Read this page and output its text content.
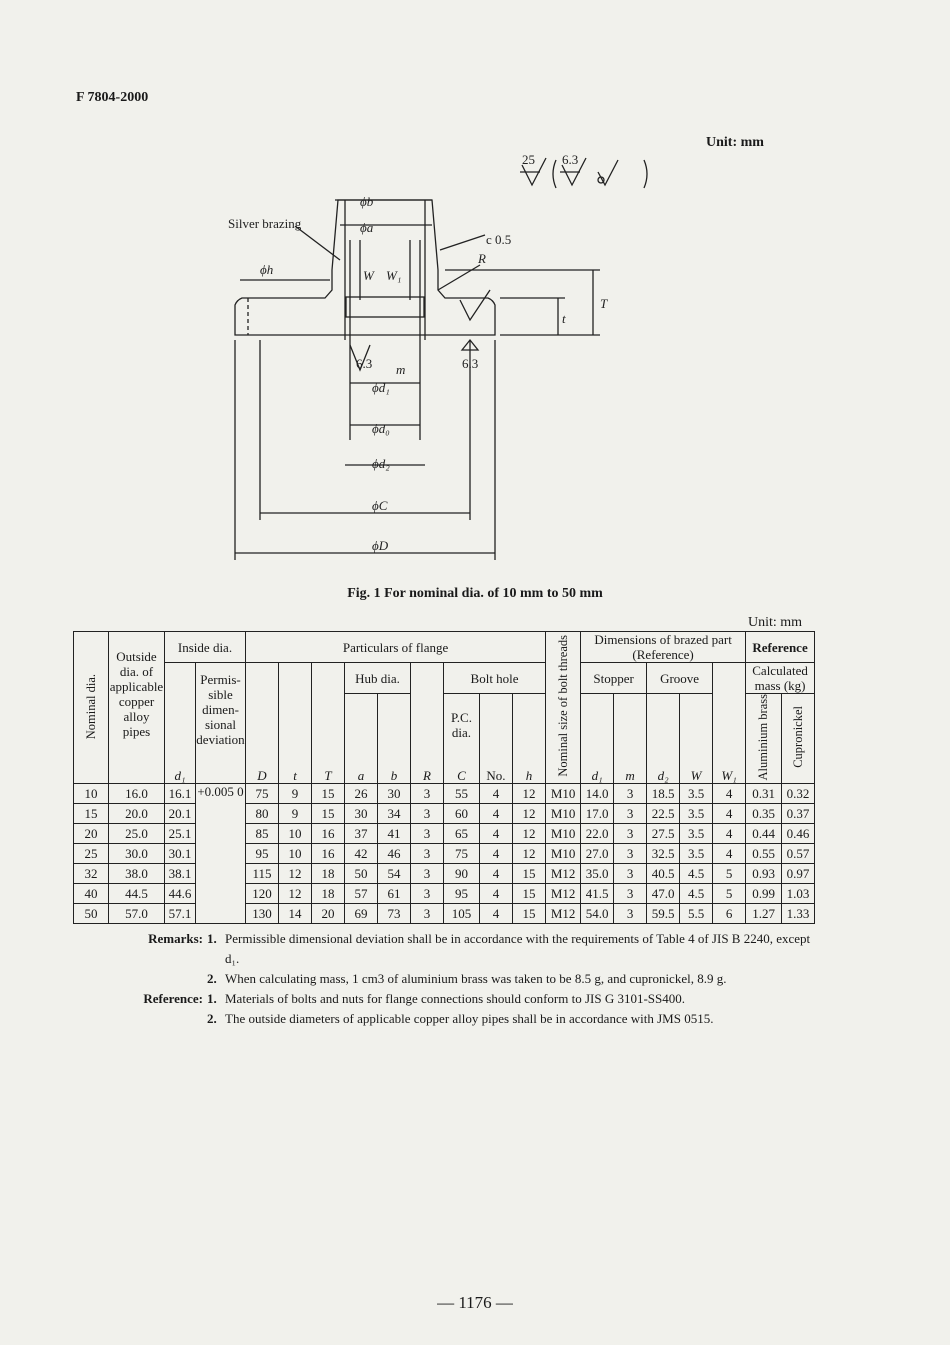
F 7804-2000
Unit: mm
25 6.3
Silver brazing
ϕb
ϕa
ϕh
c 0.5
R
W W₁
m
6.3	6.3
T
t
ϕd₁
ϕd₀
ϕd₂
ϕC
ϕD
Fig. 1 For nominal dia. of 10 mm to 50 mm
Unit: mm
Nominal dia.	Outside dia. of applicable copper alloy pipes	Inside dia.		Particulars of flange									Nominal size of bolt threads	Dimensions of brazed part (Reference)					Reference	
			Permis-sible dimen-sional deviation				Hub dia.			Bolt hole				Stopper		Groove			Calculated mass (kg)	
										P.C. dia.									Aluminium brass	Cupronickel
		d₁		D	t	T	a	b	R	C	No.	h		d₁	m	d₂	W	W₁		
10	16.0	16.1	+0.005 0	75	9	15	26	30	3	55	4	12	M10	14.0	3	18.5	3.5	4	0.31	0.32
15	20.0	20.1		80	9	15	30	34	3	60	4	12	M10	17.0	3	22.5	3.5	4	0.35	0.37
20	25.0	25.1		85	10	16	37	41	3	65	4	12	M10	22.0	3	27.5	3.5	4	0.44	0.46
25	30.0	30.1		95	10	16	42	46	3	75	4	12	M10	27.0	3	32.5	3.5	4	0.55	0.57
32	38.0	38.1		115	12	18	50	54	3	90	4	15	M12	35.0	3	40.5	4.5	5	0.93	0.97
40	44.5	44.6		120	12	18	57	61	3	95	4	15	M12	41.5	3	47.0	4.5	5	0.99	1.03
50	57.0	57.1		130	14	20	69	73	3	105	4	15	M12	54.0	3	59.5	5.5	6	1.27	1.33
Remarks: 1. Permissible dimensional deviation shall be in accordance with the requirements of Table 4 of JIS B 2240, except d₁.
2. When calculating mass, 1 cm3 of aluminium brass was taken to be 8.5 g, and cupronickel, 8.9 g.
Reference: 1. Materials of bolts and nuts for flange connections should conform to JIS G 3101-SS400.
2. The outside diameters of applicable copper alloy pipes shall be in accordance with JMS 0515.
— 1176 —
